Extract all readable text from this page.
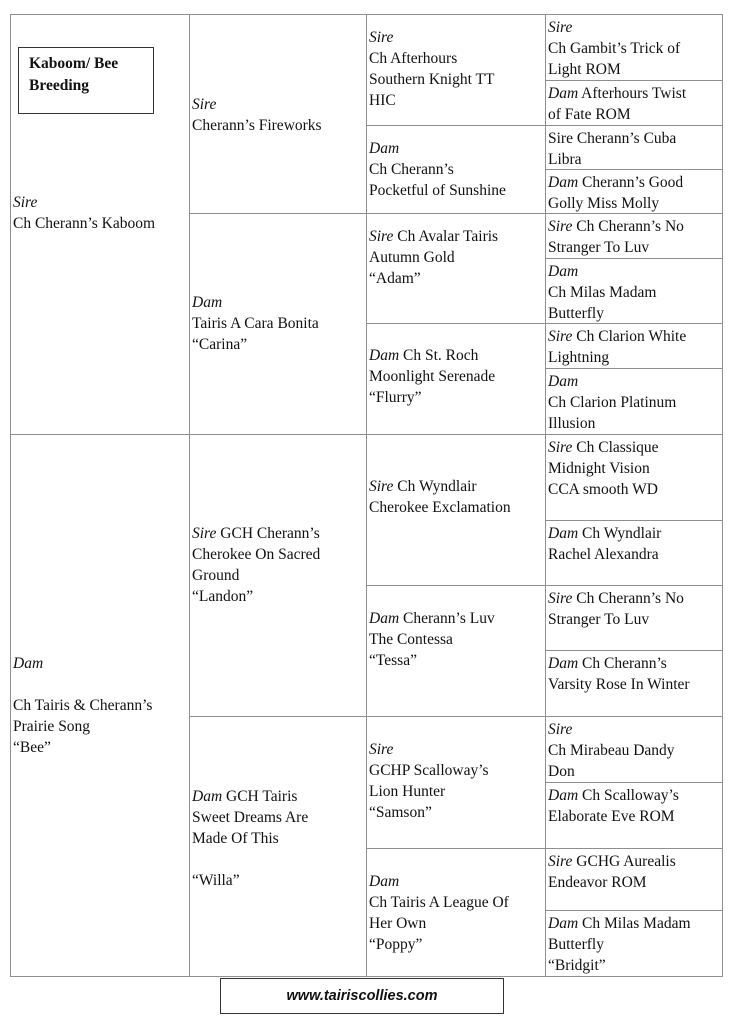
Sire
Ch Cherann’s Kaboom
Dam
Ch Tairis & Cherann’s
Prairie Song
“Bee”
Sire
Cherann’s Fireworks
Dam
Tairis A Cara Bonita
“Carina”
Sire GCH Cherann’s
Cherokee On Sacred
Ground
“Landon”
Dam GCH Tairis
Sweet Dreams Are
Made Of This

“Willa”
Sire
Ch Afterhours
Southern Knight TT
HIC
Dam
Ch Cherann’s
Pocketful of Sunshine
Sire Ch Avalar Tairis
Autumn Gold
“Adam”
Dam Ch St. Roch
Moonlight Serenade
“Flurry”
Sire Ch Wyndlair
Cherokee Exclamation
Dam Cherann’s Luv
The Contessa
“Tessa”
Sire
GCHP Scalloway’s
Lion Hunter
“Samson”
Dam
Ch Tairis A League Of
Her Own
“Poppy”
Sire
Ch Gambit’s Trick of
Light ROM
Dam Afterhours Twist
of Fate ROM
Sire Cherann’s Cuba
Libra
Dam Cherann’s Good
Golly Miss Molly
Sire Ch Cherann’s No
Stranger To Luv
Dam
Ch Milas Madam
Butterfly
Sire Ch Clarion White
Lightning
Dam
Ch Clarion Platinum
Illusion
Sire Ch Classique
Midnight Vision
CCA smooth WD
Dam Ch Wyndlair
Rachel Alexandra
Sire Ch Cherann’s No
Stranger To Luv
Dam Ch Cherann’s
Varsity Rose In Winter
Sire
Ch Mirabeau Dandy
Don
Dam Ch Scalloway’s
Elaborate Eve ROM
Sire GCHG Aurealis
Endeavor ROM
Dam Ch Milas Madam
Butterfly
“Bridgit”
Kaboom/ Bee
Breeding
www.tairiscollies.com
